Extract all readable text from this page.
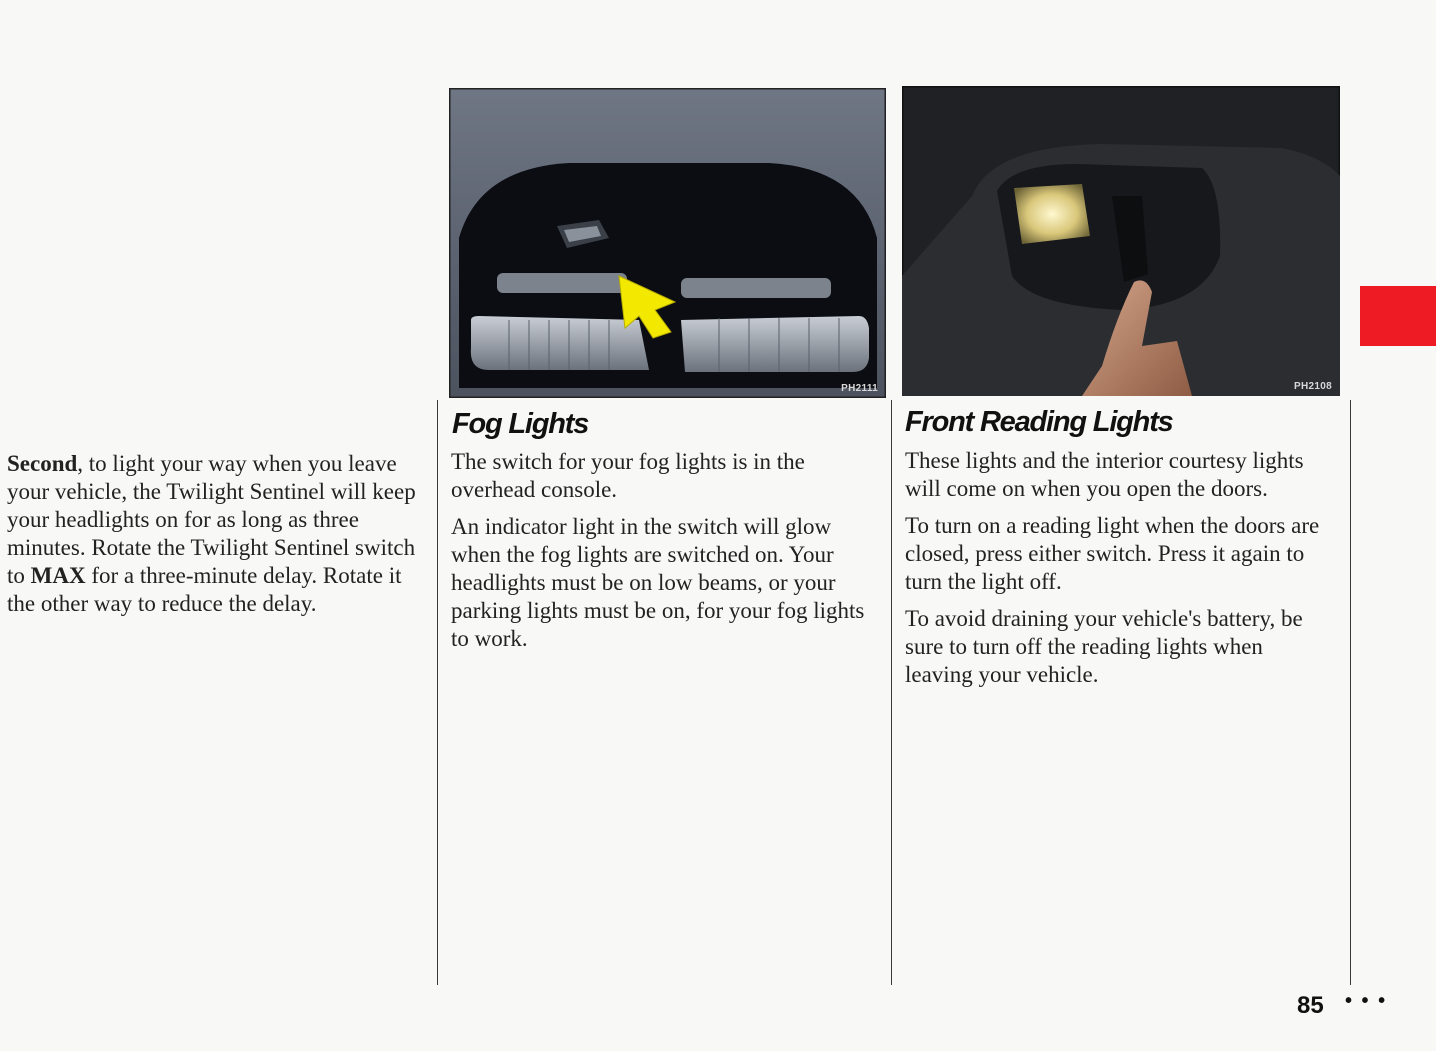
Second, to light your way when you leave your vehicle, the Twilight Sentinel will keep your headlights on for as long as three minutes. Rotate the Twilight Sentinel switch to MAX for a three-minute delay. Rotate it the other way to reduce the delay.

PH2111	PH2108
Fog Lights

The switch for your fog lights is in the overhead console.

An indicator light in the switch will glow when the fog lights are switched on. Your headlights must be on low beams, or your parking lights must be on, for your fog lights to work.

Front Reading Lights

These lights and the interior courtesy lights will come on when you open the doors.

To turn on a reading light when the doors are closed, press either switch. Press it again to turn the light off.

To avoid draining your vehicle's battery, be sure to turn off the reading lights when leaving your vehicle.

85 • • •
